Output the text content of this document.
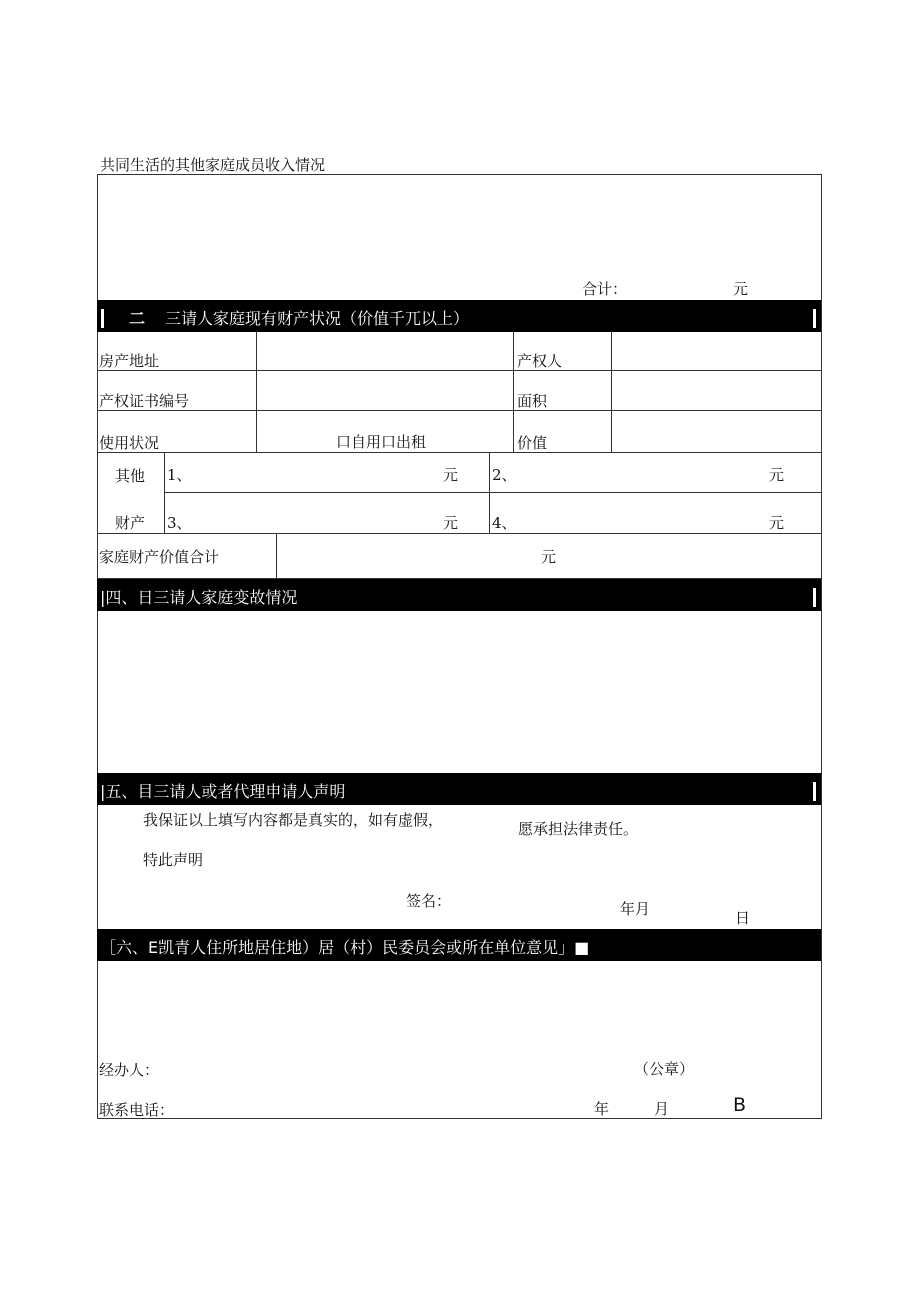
共同生活的其他家庭成员收入情况
合计：	元
二 三请人家庭现有财产状况（价值千兀以上）
房产地址	产权人
产权证书编号	面积
使用状况	口自用口出租	价值
其他
财产
1、	元 2、	元
3、	元 4、	元
家庭财产价值合计	元
|四、日三请人家庭变故情况
|五、目三请人或者代理申请人声明
我保证以上填写内容都是真实的，如有虚假，	愿承担法律责任。
特此声明
签名：	年月	日
［六、E凯青人住所地居住地）居（村）民委员会或所在单位意见」■
经办人：	（公章）
联系电话：	年	月	B
